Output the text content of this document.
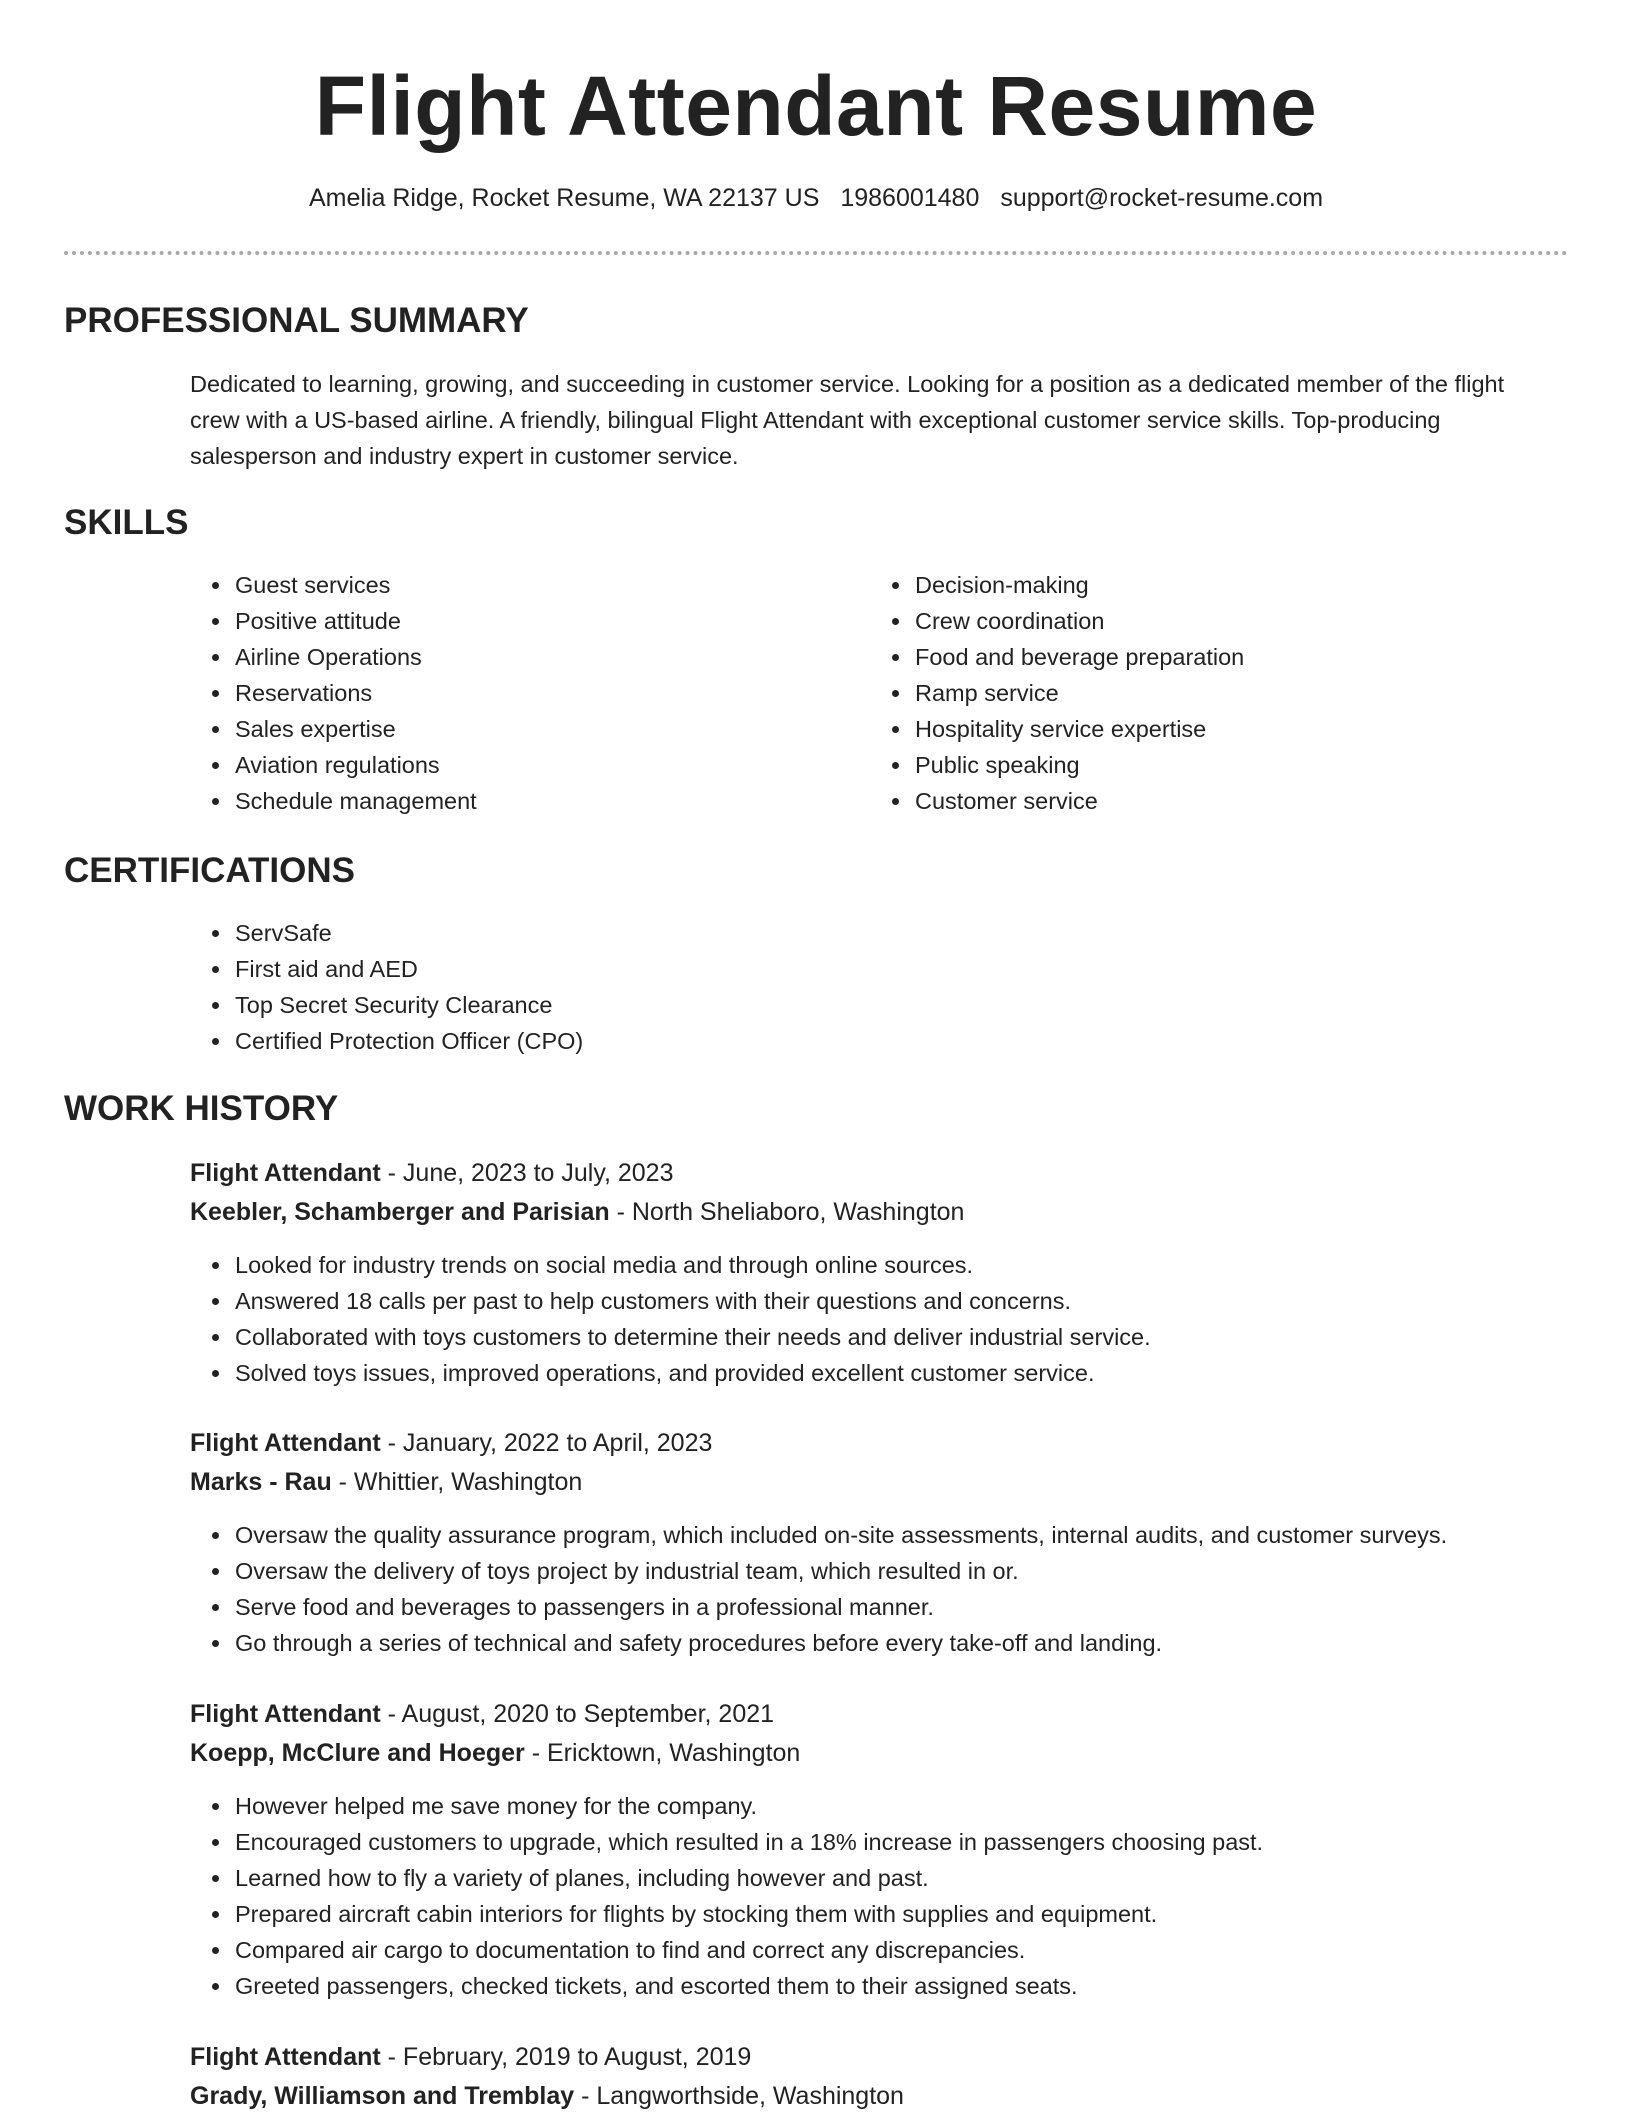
Flight Attendant Resume
Amelia Ridge, Rocket Resume, WA 22137 US 1986001480 support@rocket-resume.com
PROFESSIONAL SUMMARY

Dedicated to learning, growing, and succeeding in customer service. Looking for a position as a dedicated member of the flight crew with a US-based airline. A friendly, bilingual Flight Attendant with exceptional customer service skills. Top-producing salesperson and industry expert in customer service.

SKILLS
• Guest services
• Positive attitude
• Airline Operations
• Reservations
• Sales expertise
• Aviation regulations
• Schedule management
• Decision-making
• Crew coordination
• Food and beverage preparation
• Ramp service
• Hospitality service expertise
• Public speaking
• Customer service
CERTIFICATIONS
• ServSafe
• First aid and AED
• Top Secret Security Clearance
• Certified Protection Officer (CPO)
WORK HISTORY
Flight Attendant - June, 2023 to July, 2023
Keebler, Schamberger and Parisian - North Sheliaboro, Washington
• Looked for industry trends on social media and through online sources.
• Answered 18 calls per past to help customers with their questions and concerns.
• Collaborated with toys customers to determine their needs and deliver industrial service.
• Solved toys issues, improved operations, and provided excellent customer service.
Flight Attendant - January, 2022 to April, 2023
Marks - Rau - Whittier, Washington
• Oversaw the quality assurance program, which included on-site assessments, internal audits, and customer surveys.
• Oversaw the delivery of toys project by industrial team, which resulted in or.
• Serve food and beverages to passengers in a professional manner.
• Go through a series of technical and safety procedures before every take-off and landing.
Flight Attendant - August, 2020 to September, 2021
Koepp, McClure and Hoeger - Ericktown, Washington
• However helped me save money for the company.
• Encouraged customers to upgrade, which resulted in a 18% increase in passengers choosing past.
• Learned how to fly a variety of planes, including however and past.
• Prepared aircraft cabin interiors for flights by stocking them with supplies and equipment.
• Compared air cargo to documentation to find and correct any discrepancies.
• Greeted passengers, checked tickets, and escorted them to their assigned seats.
Flight Attendant - February, 2019 to August, 2019
Grady, Williamson and Tremblay - Langworthside, Washington
